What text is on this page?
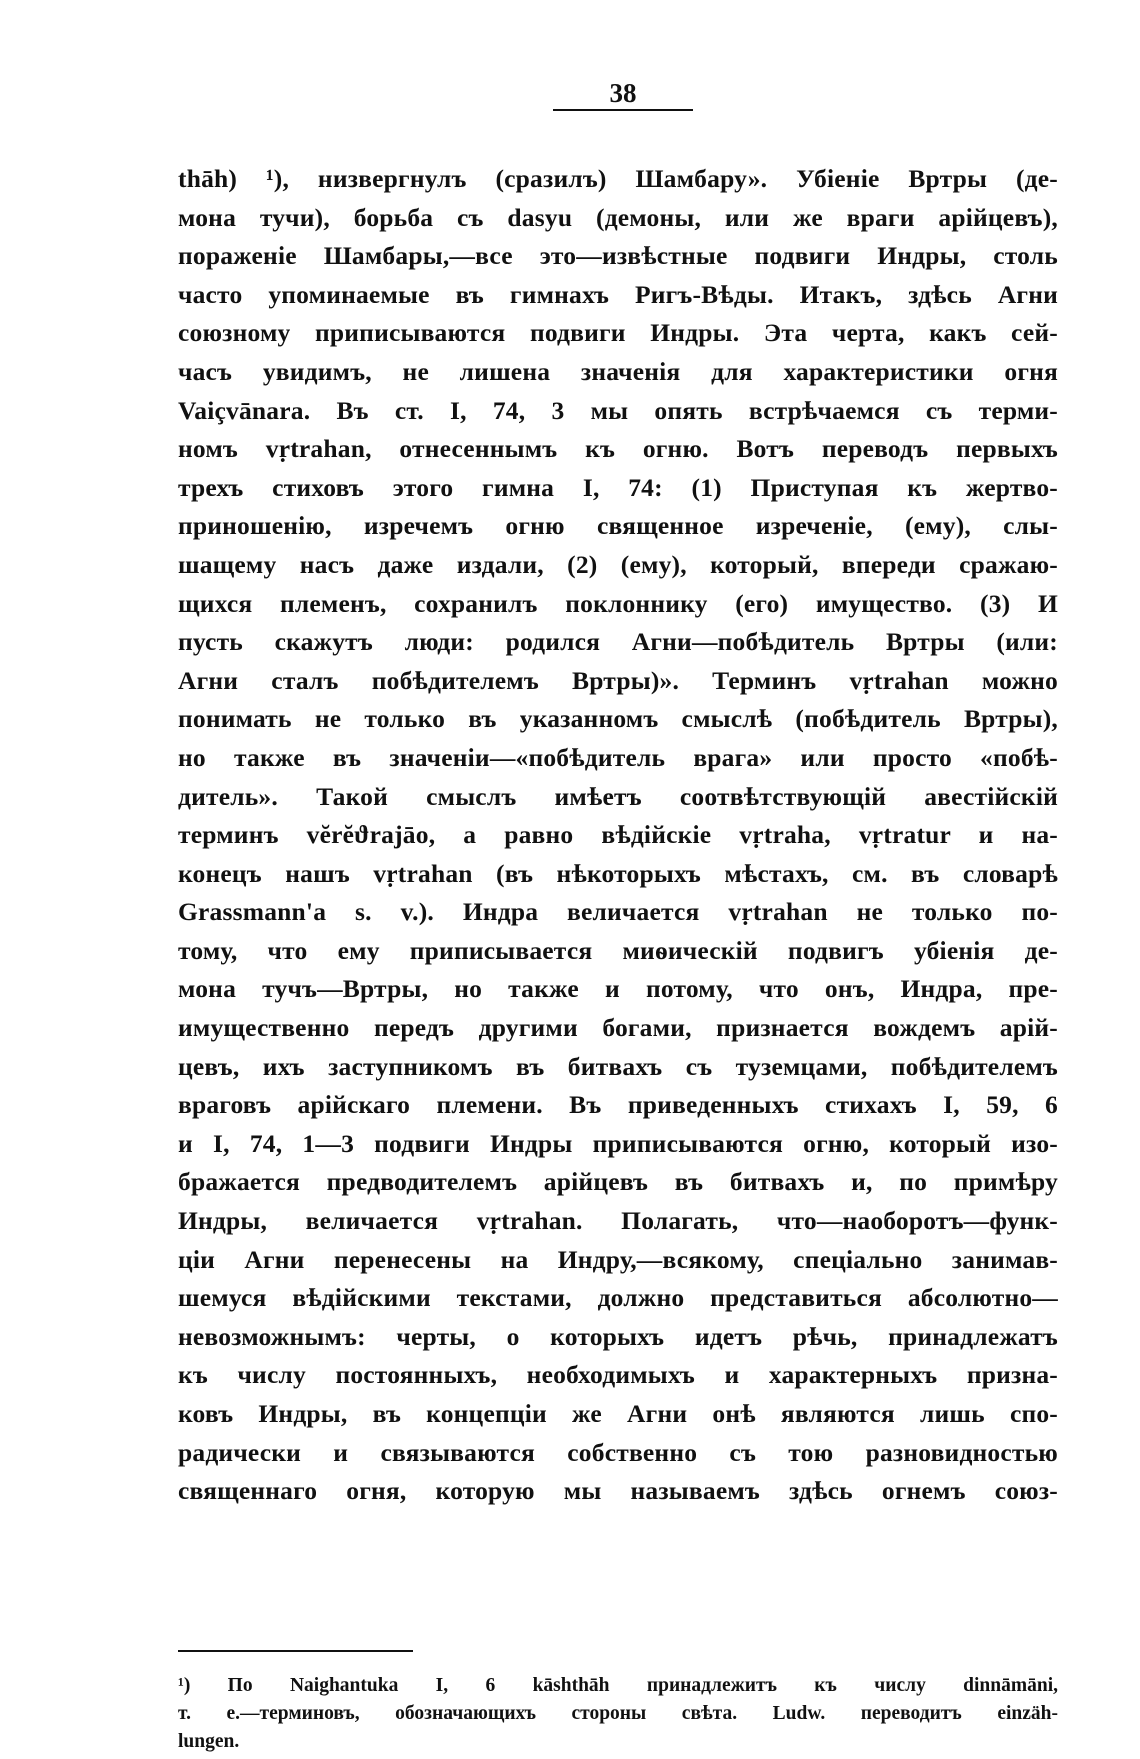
38
thāh) ¹), низвергнулъ (сразилъ) Шамбару». Убіеніе Вртры (де-
мона тучи), борьба съ dasyu (демоны, или же враги арійцевъ),
пораженіе Шамбары,—все это—извѣстные подвиги Индры, столь
часто упоминаемые въ гимнахъ Ригъ-Вѣды. Итакъ, здѣсь Агни
союзному приписываются подвиги Индры. Эта черта, какъ сей-
часъ увидимъ, не лишена значенія для характеристики огня
Vaiçvānara. Въ ст. I, 74, 3 мы опять встрѣчаемся съ терми-
номъ vṛtrahan, отнесеннымъ къ огню. Вотъ переводъ первыхъ
трехъ стиховъ этого гимна I, 74: (1) Приступая къ жертво-
приношенію, изречемъ огню священное изреченіе, (ему), слы-
шащему насъ даже издали, (2) (ему), который, впереди сражаю-
щихся племенъ, сохранилъ поклоннику (его) имущество. (3) И
пусть скажутъ люди: родился Агни—побѣдитель Вртры (или:
Агни сталъ побѣдителемъ Вртры)». Терминъ vṛtrahan можно
понимать не только въ указанномъ смыслѣ (побѣдитель Вртры),
но также въ значеніи—«побѣдитель врага» или просто «побѣ-
дитель». Такой смыслъ имѣетъ соотвѣтствующій авестійскій
терминъ vĕrĕϑrajāo, а равно вѣдійскіе vṛtraha, vṛtratur и на-
конецъ нашъ vṛtrahan (въ нѣкоторыхъ мѣстахъ, см. въ словарѣ
Grassmann'a s. v.). Индра величается vṛtrahan не только по-
тому, что ему приписывается миѳическій подвигъ убіенія де-
мона тучъ—Вртры, но также и потому, что онъ, Индра, пре-
имущественно передъ другими богами, признается вождемъ арій-
цевъ, ихъ заступникомъ въ битвахъ съ туземцами, побѣдителемъ
враговъ арійскаго племени. Въ приведенныхъ стихахъ I, 59, 6
и I, 74, 1—3 подвиги Индры приписываются огню, который изо-
бражается предводителемъ арійцевъ въ битвахъ и, по примѣру
Индры, величается vṛtrahan. Полагать, что—наоборотъ—функ-
ціи Агни перенесены на Индру,—всякому, спеціально занимав-
шемуся вѣдійскими текстами, должно представиться абсолютно—
невозможнымъ: черты, о которыхъ идетъ рѣчь, принадлежатъ
къ числу постоянныхъ, необходимыхъ и характерныхъ призна-
ковъ Индры, въ концепціи же Агни онѣ являются лишь спо-
радически и связываются собственно съ тою разновидностью
священнаго огня, которую мы называемъ здѣсь огнемъ союз-
¹) По Naighantuka I, 6 kāshthāh принадлежитъ къ числу dinnāmāni,
т. е.—терминовъ, обозначающихъ стороны свѣта. Ludw. переводитъ einzäh-
lungen.
